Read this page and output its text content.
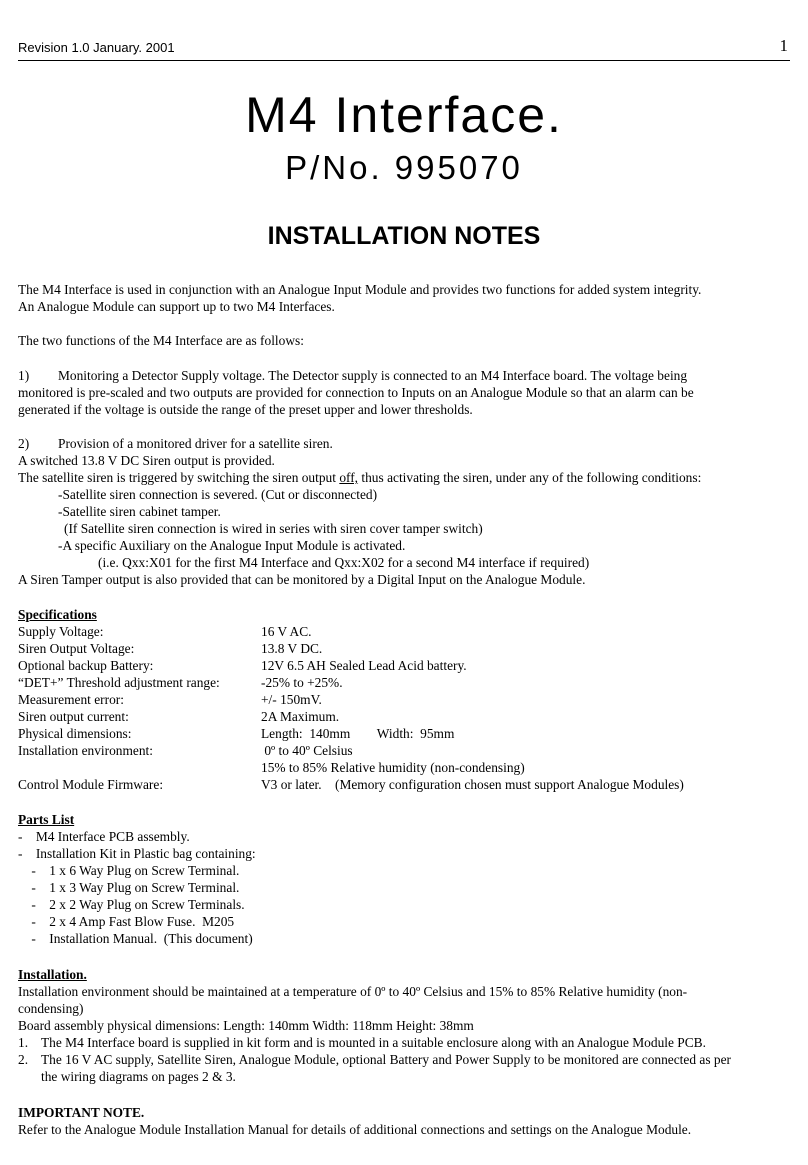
Revision 1.0 January. 2001	1
M4 Interface.
P/No. 995070
INSTALLATION NOTES
The M4 Interface is used in conjunction with an Analogue Input Module and provides two functions for added system integrity.
An Analogue Module can support up to two M4 Interfaces.
The two functions of the M4 Interface are as follows:
1) Monitoring a Detector Supply voltage. The Detector supply is connected to an M4 Interface board. The voltage being
monitored is pre-scaled and two outputs are provided for connection to Inputs on an Analogue Module so that an alarm can be
generated if the voltage is outside the range of the preset upper and lower thresholds.
2) Provision of a monitored driver for a satellite siren.
A switched 13.8 V DC Siren output is provided.
The satellite siren is triggered by switching the siren output off, thus activating the siren, under any of the following conditions:
-Satellite siren connection is severed. (Cut or disconnected)
-Satellite siren cabinet tamper.
(If Satellite siren connection is wired in series with siren cover tamper switch)
-A specific Auxiliary on the Analogue Input Module is activated.
(i.e. Qxx:X01 for the first M4 Interface and Qxx:X02 for a second M4 interface if required)
A Siren Tamper output is also provided that can be monitored by a Digital Input on the Analogue Module.
Specifications
Supply Voltage:	16 V AC.
Siren Output Voltage:	13.8 V DC.
Optional backup Battery:	12V 6.5 AH Sealed Lead Acid battery.
“DET+” Threshold adjustment range:	-25% to +25%.
Measurement error:	+/- 150mV.
Siren output current:	2A Maximum.
Physical dimensions:	Length:  140mm        Width:  95mm
Installation environment:	0º to 40º Celsius
15% to 85% Relative humidity (non-condensing)
Control Module Firmware:	V3 or later.    (Memory configuration chosen must support Analogue Modules)
Parts List
-    M4 Interface PCB assembly.
-    Installation Kit in Plastic bag containing:
-    1 x 6 Way Plug on Screw Terminal.
-    1 x 3 Way Plug on Screw Terminal.
-    2 x 2 Way Plug on Screw Terminals.
-    2 x 4 Amp Fast Blow Fuse.  M205
-    Installation Manual.  (This document)
Installation.
Installation environment should be maintained at a temperature of 0º to 40º Celsius and 15% to 85% Relative humidity (non-
condensing)
Board assembly physical dimensions: Length: 140mm Width: 118mm Height: 38mm
1. The M4 Interface board is supplied in kit form and is mounted in a suitable enclosure along with an Analogue Module PCB.
2. The 16 V AC supply, Satellite Siren, Analogue Module, optional Battery and Power Supply to be monitored are connected as per
the wiring diagrams on pages 2 & 3.
IMPORTANT NOTE.
Refer to the Analogue Module Installation Manual for details of additional connections and settings on the Analogue Module.
